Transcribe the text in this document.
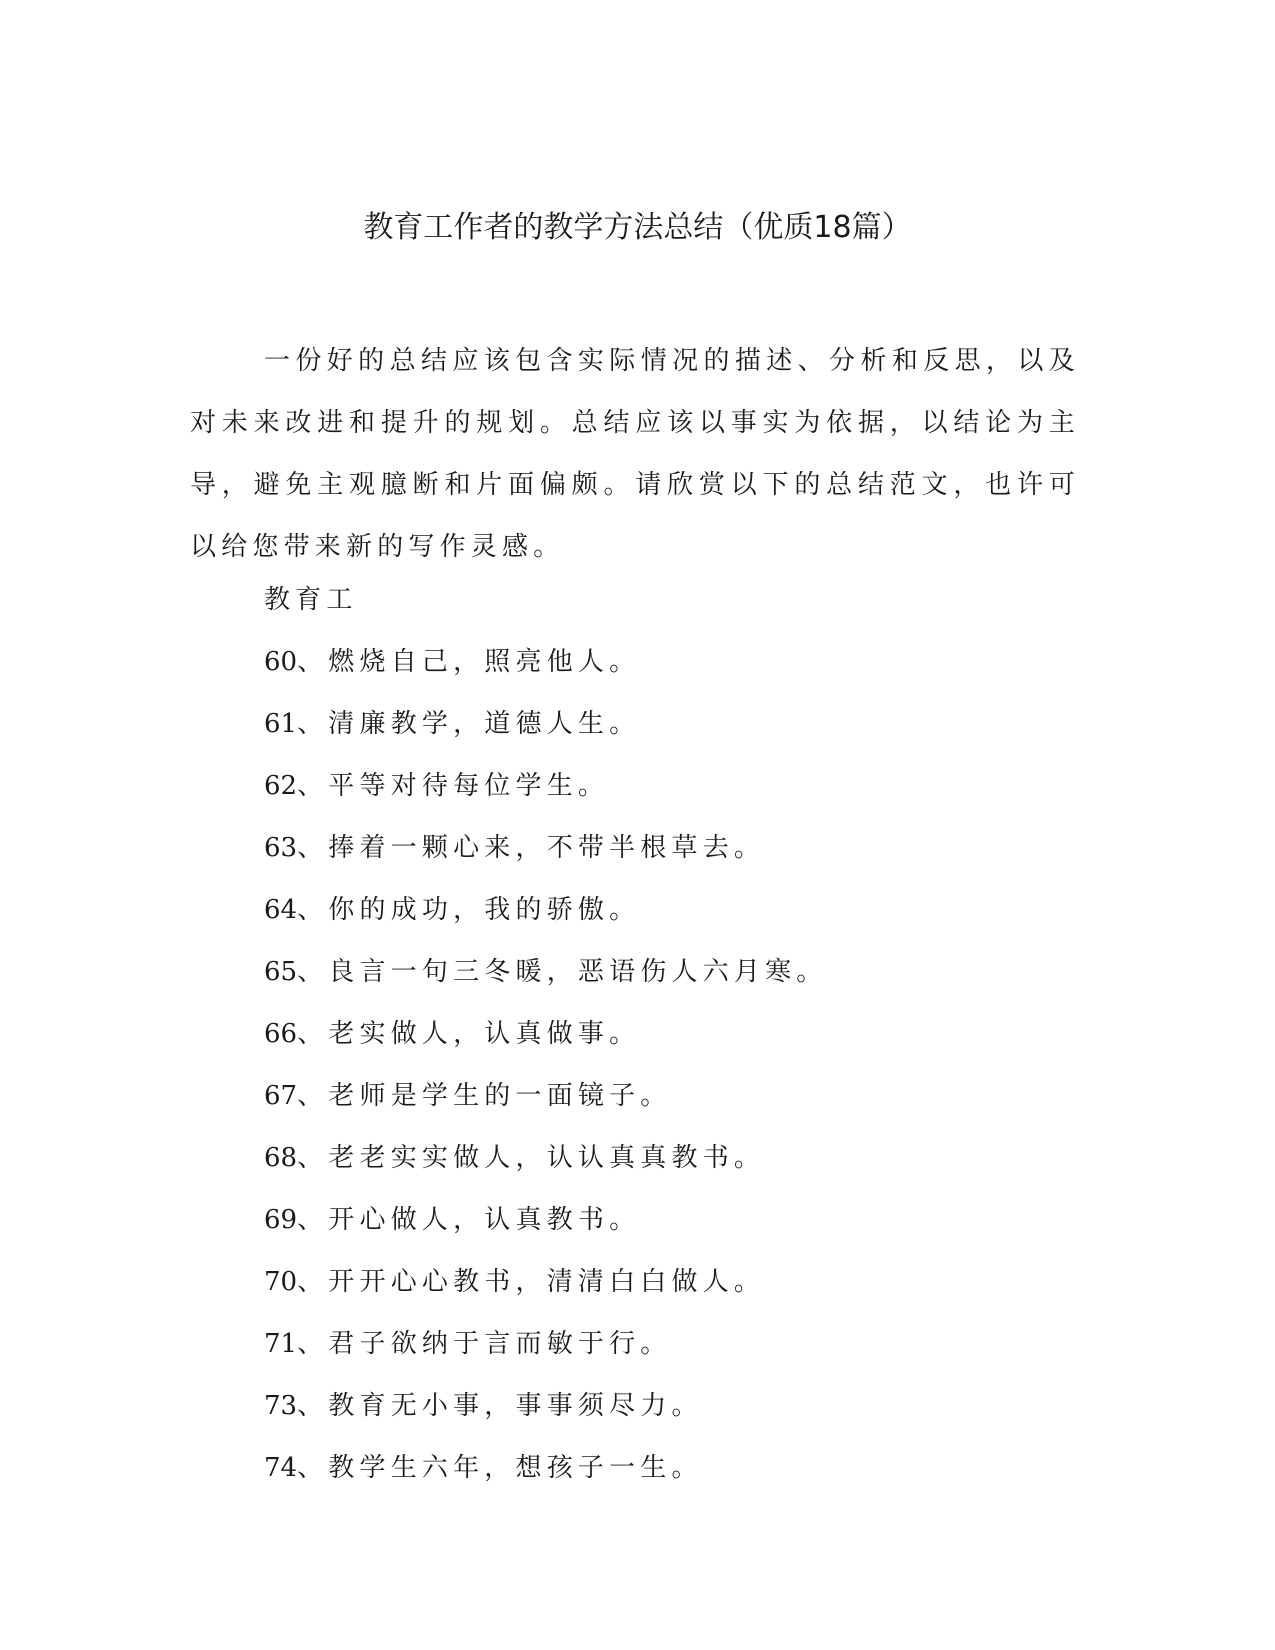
教育工作者的教学方法总结（优质18篇）

一份好的总结应该包含实际情况的描述、分析和反思，以及对未来改进和提升的规划。总结应该以事实为依据，以结论为主导，避免主观臆断和片面偏颇。请欣赏以下的总结范文，也许可以给您带来新的写作灵感。

教育工
60、燃烧自己，照亮他人。
61、清廉教学，道德人生。
62、平等对待每位学生。
63、捧着一颗心来，不带半根草去。
64、你的成功，我的骄傲。
65、良言一句三冬暖，恶语伤人六月寒。
66、老实做人，认真做事。
67、老师是学生的一面镜子。
68、老老实实做人，认认真真教书。
69、开心做人，认真教书。
70、开开心心教书，清清白白做人。
71、君子欲纳于言而敏于行。
73、教育无小事，事事须尽力。
74、教学生六年，想孩子一生。
